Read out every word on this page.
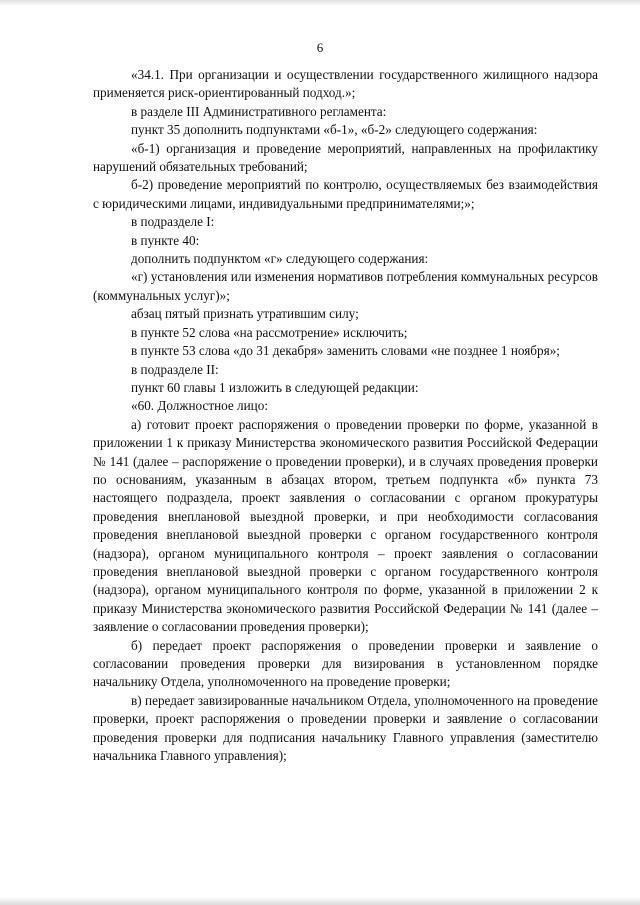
6

«34.1. При организации и осуществлении государственного жилищного надзора применяется риск-ориентированный подход.»;

в разделе III Административного регламента:

пункт 35 дополнить подпунктами «б-1», «б-2» следующего содержания:

«б-1) организация и проведение мероприятий, направленных на профилактику нарушений обязательных требований;

б-2) проведение мероприятий по контролю, осуществляемых без взаимодействия с юридическими лицами, индивидуальными предпринимателями;»;

в подразделе I:

в пункте 40:

дополнить подпунктом «г» следующего содержания:

«г) установления или изменения нормативов потребления коммунальных ресурсов (коммунальных услуг)»;

абзац пятый признать утратившим силу;

в пункте 52 слова «на рассмотрение» исключить;

в пункте 53 слова «до 31 декабря» заменить словами «не позднее 1 ноября»;

в подразделе II:

пункт 60 главы 1 изложить в следующей редакции:

«60. Должностное лицо:

а) готовит проект распоряжения о проведении проверки по форме, указанной в приложении 1 к приказу Министерства экономического развития Российской Федерации № 141 (далее – распоряжение о проведении проверки), и в случаях проведения проверки по основаниям, указанным в абзацах втором, третьем подпункта «б» пункта 73 настоящего подраздела, проект заявления о согласовании с органом прокуратуры проведения внеплановой выездной проверки, и при необходимости согласования проведения внеплановой выездной проверки с органом государственного контроля (надзора), органом муниципального контроля – проект заявления о согласовании проведения внеплановой выездной проверки с органом государственного контроля (надзора), органом муниципального контроля по форме, указанной в приложении 2 к приказу Министерства экономического развития Российской Федерации № 141 (далее – заявление о согласовании проведения проверки);

б) передает проект распоряжения о проведении проверки и заявление о согласовании проведения проверки для визирования в установленном порядке начальнику Отдела, уполномоченного на проведение проверки;

в) передает завизированные начальником Отдела, уполномоченного на проведение проверки, проект распоряжения о проведении проверки и заявление о согласовании проведения проверки для подписания начальнику Главного управления (заместителю начальника Главного управления);
